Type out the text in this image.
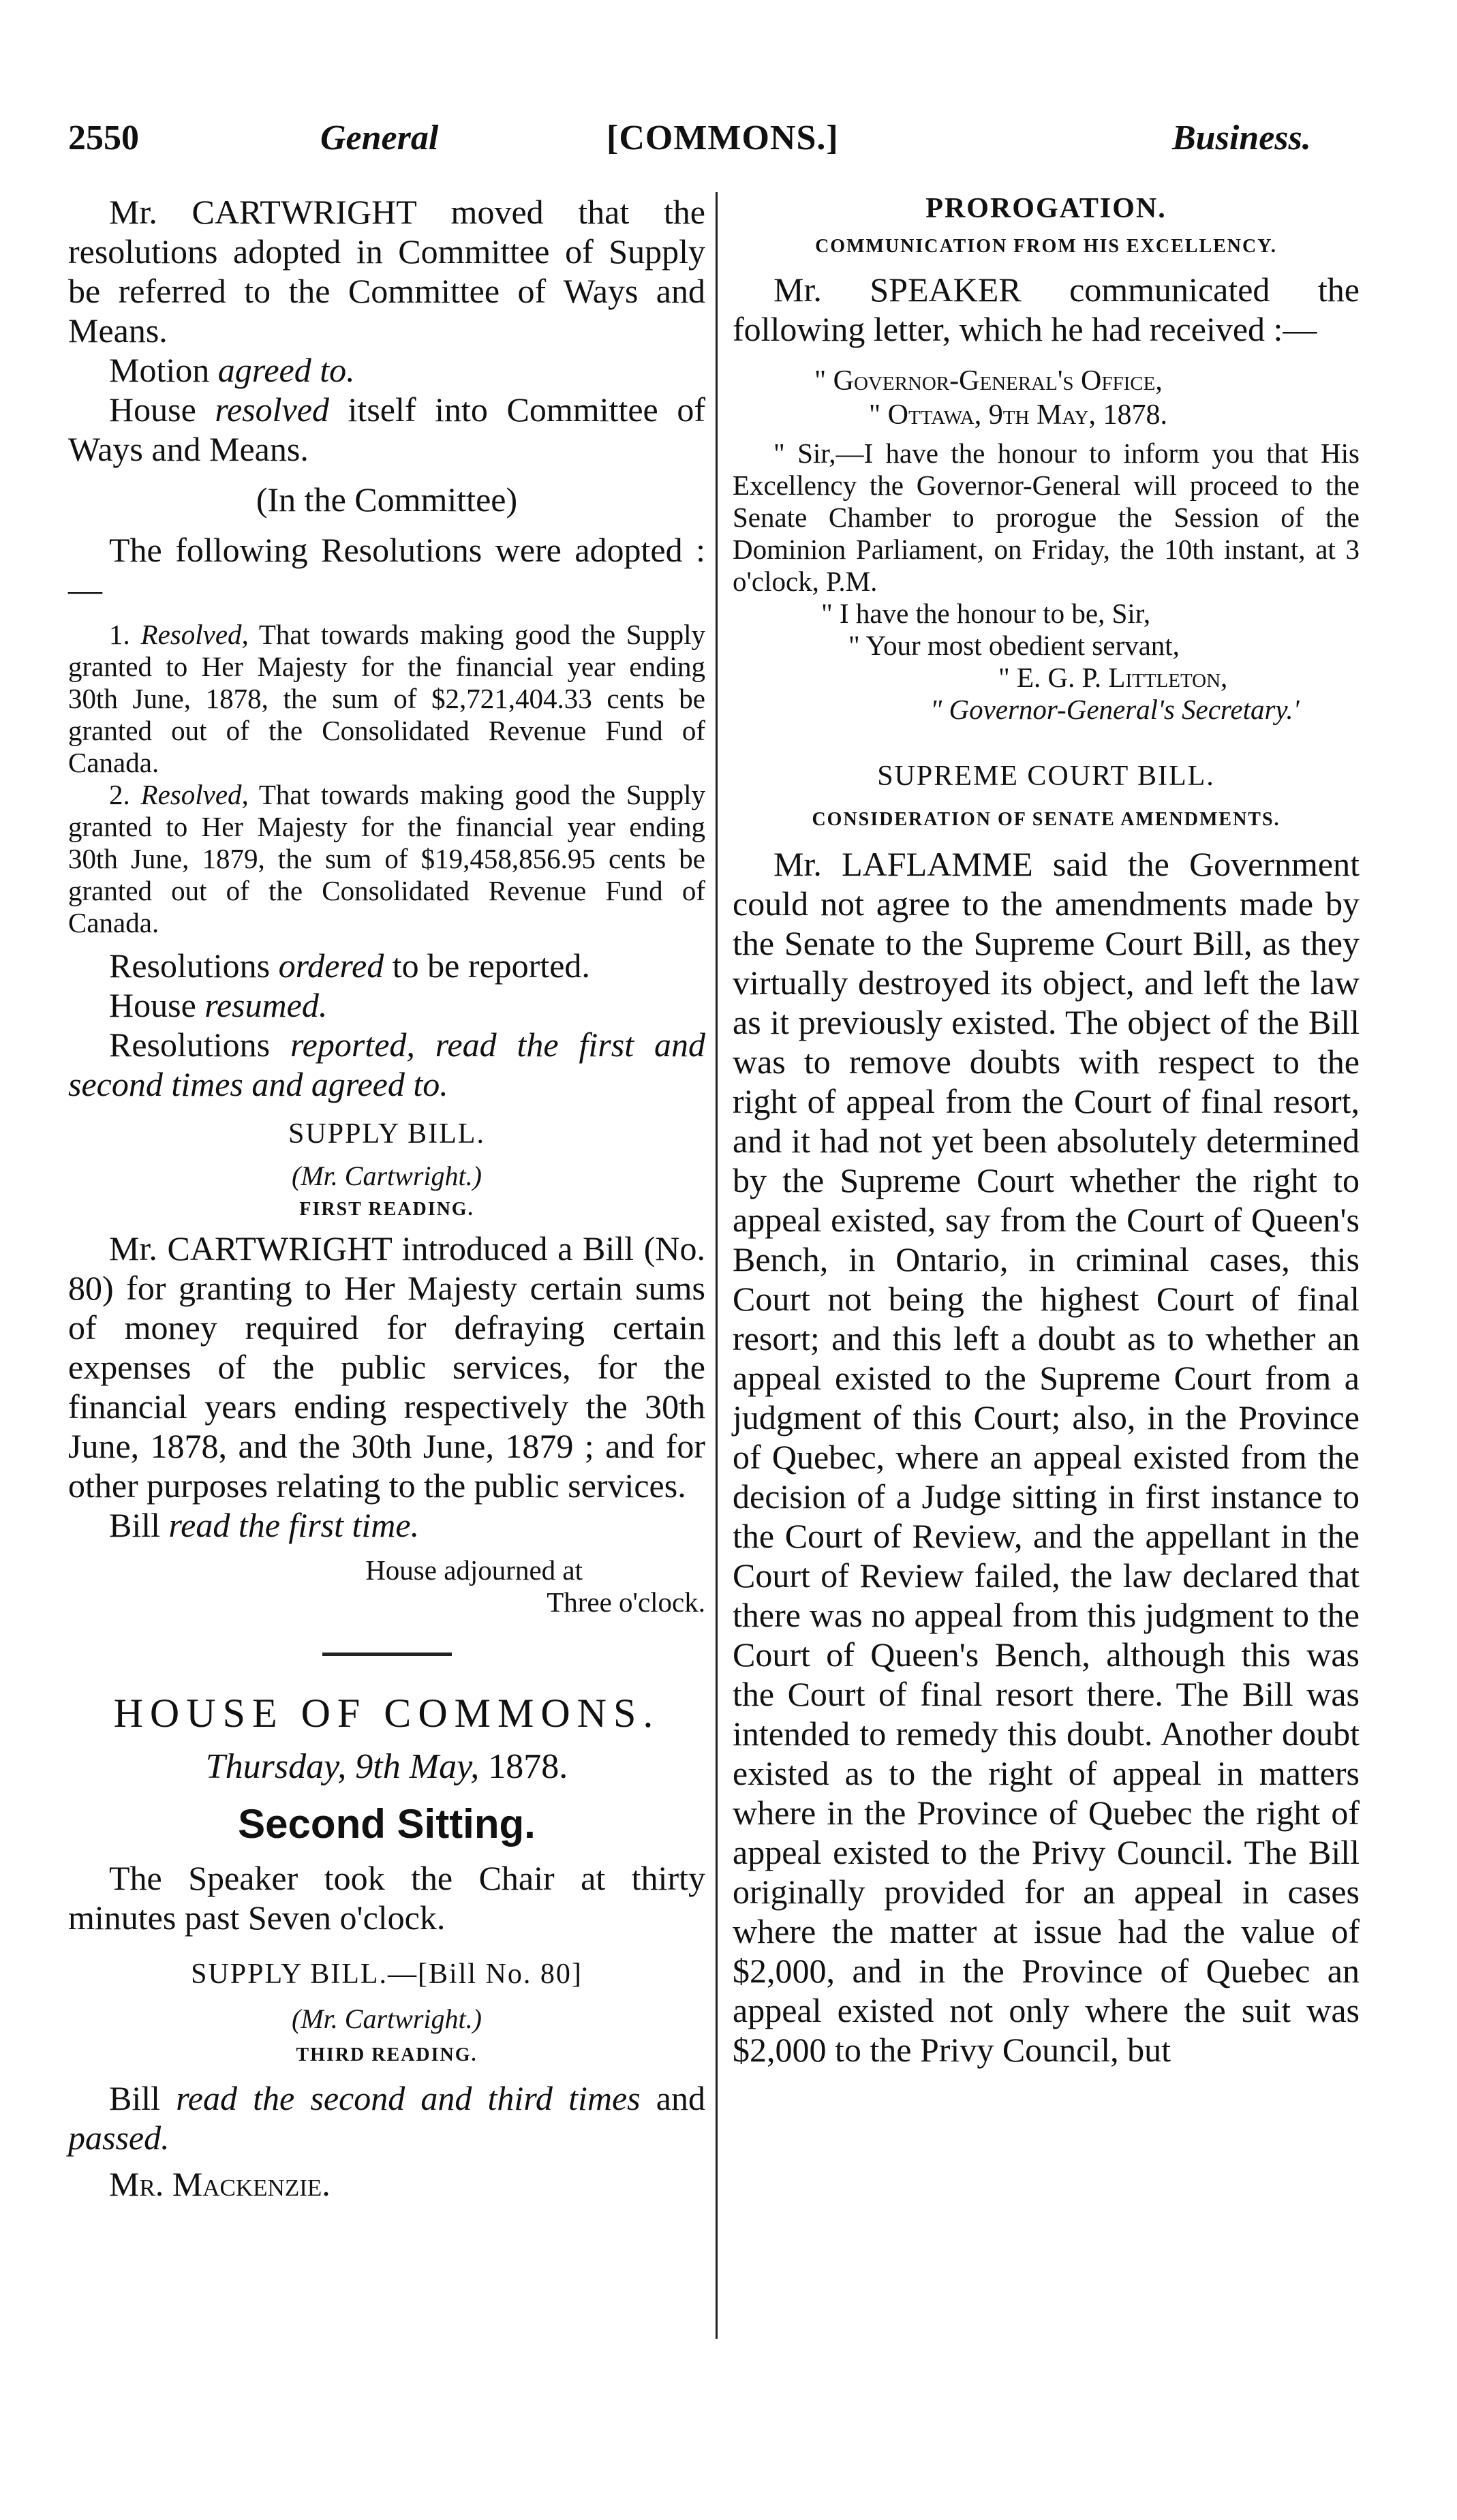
2550	General	[COMMONS.]	Business.

Mr. CARTWRIGHT moved that the resolutions adopted in Committee of Supply be referred to the Committee of Ways and Means.

Motion agreed to.

House resolved itself into Committee of Ways and Means.

(In the Committee)

The following Resolutions were adopted :—

1. Resolved, That towards making good the Supply granted to Her Majesty for the financial year ending 30th June, 1878, the sum of $2,721,404.33 cents be granted out of the Consolidated Revenue Fund of Canada.

2. Resolved, That towards making good the Supply granted to Her Majesty for the financial year ending 30th June, 1879, the sum of $19,458,856.95 cents be granted out of the Consolidated Revenue Fund of Canada.

Resolutions ordered to be reported.

House resumed.

Resolutions reported, read the first and second times and agreed to.

SUPPLY BILL.

(Mr. Cartwright.)

FIRST READING.

Mr. CARTWRIGHT introduced a Bill (No. 80) for granting to Her Majesty certain sums of money required for defraying certain expenses of the public services, for the financial years ending respectively the 30th June, 1878, and the 30th June, 1879 ; and for other purposes relating to the public services.

Bill read the first time.

House adjourned at

Three o'clock.

HOUSE OF COMMONS.

Thursday, 9th May, 1878.

Second Sitting.

The Speaker took the Chair at thirty minutes past Seven o'clock.

SUPPLY BILL.—[Bill No. 80]

(Mr. Cartwright.)

THIRD READING.

Bill read the second and third times and passed.

Mr. Mackenzie.

PROROGATION.

COMMUNICATION FROM HIS EXCELLENCY.

Mr. SPEAKER communicated the following letter, which he had received :—

" Governor-General's Office,

" Ottawa, 9th May, 1878.

" Sir,—I have the honour to inform you that His Excellency the Governor-General will proceed to the Senate Chamber to prorogue the Session of the Dominion Parliament, on Friday, the 10th instant, at 3 o'clock, P.M.

" I have the honour to be, Sir,

" Your most obedient servant,

" E. G. P. Littleton,

" Governor-General's Secretary.'

SUPREME COURT BILL.

CONSIDERATION OF SENATE AMENDMENTS.

Mr. LAFLAMME said the Government could not agree to the amendments made by the Senate to the Supreme Court Bill, as they virtually destroyed its object, and left the law as it previously existed. The object of the Bill was to remove doubts with respect to the right of appeal from the Court of final resort, and it had not yet been absolutely determined by the Supreme Court whether the right to appeal existed, say from the Court of Queen's Bench, in Ontario, in criminal cases, this Court not being the highest Court of final resort; and this left a doubt as to whether an appeal existed to the Supreme Court from a judgment of this Court; also, in the Province of Quebec, where an appeal existed from the decision of a Judge sitting in first instance to the Court of Review, and the appellant in the Court of Review failed, the law declared that there was no appeal from this judgment to the Court of Queen's Bench, although this was the Court of final resort there. The Bill was intended to remedy this doubt. Another doubt existed as to the right of appeal in matters where in the Province of Quebec the right of appeal existed to the Privy Council. The Bill originally provided for an appeal in cases where the matter at issue had the value of $2,000, and in the Province of Quebec an appeal existed not only where the suit was $2,000 to the Privy Council, but
